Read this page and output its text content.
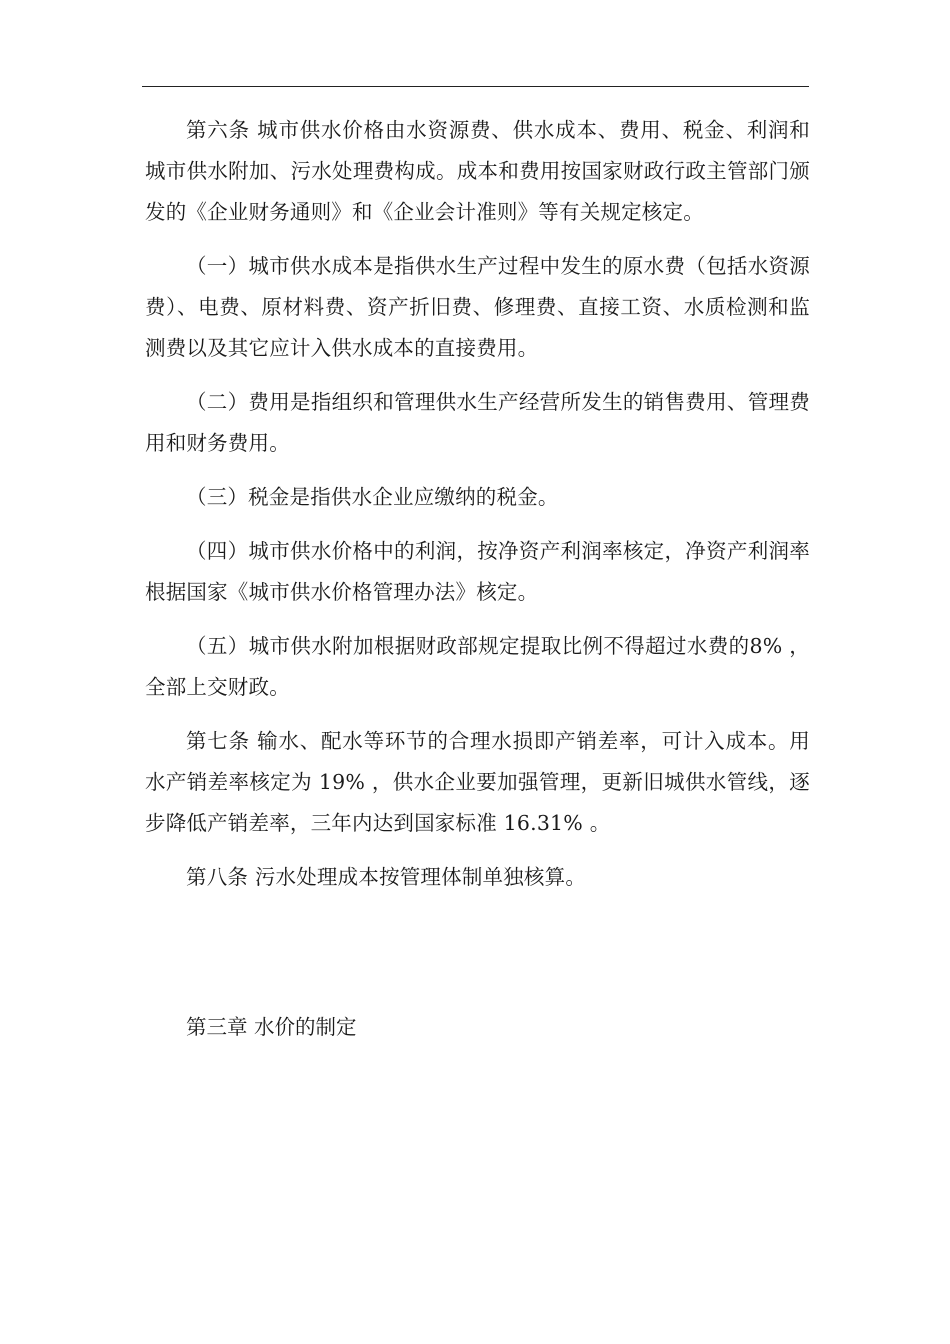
第六条 城市供水价格由水资源费、供水成本、费用、税金、利润和城市供水附加、污水处理费构成。成本和费用按国家财政行政主管部门颁发的《企业财务通则》和《企业会计准则》等有关规定核定。

（一）城市供水成本是指供水生产过程中发生的原水费（包括水资源费）、电费、原材料费、资产折旧费、修理费、直接工资、水质检测和监测费以及其它应计入供水成本的直接费用。

（二）费用是指组织和管理供水生产经营所发生的销售费用、管理费用和财务费用。

（三）税金是指供水企业应缴纳的税金。

（四）城市供水价格中的利润，按净资产利润率核定，净资产利润率根据国家《城市供水价格管理办法》核定。

（五）城市供水附加根据财政部规定提取比例不得超过水费的8% ，全部上交财政。

第七条 输水、配水等环节的合理水损即产销差率，可计入成本。用水产销差率核定为 19% ，供水企业要加强管理，更新旧城供水管线，逐步降低产销差率，三年内达到国家标准 16.31% 。

第八条 污水处理成本按管理体制单独核算。

第三章 水价的制定
